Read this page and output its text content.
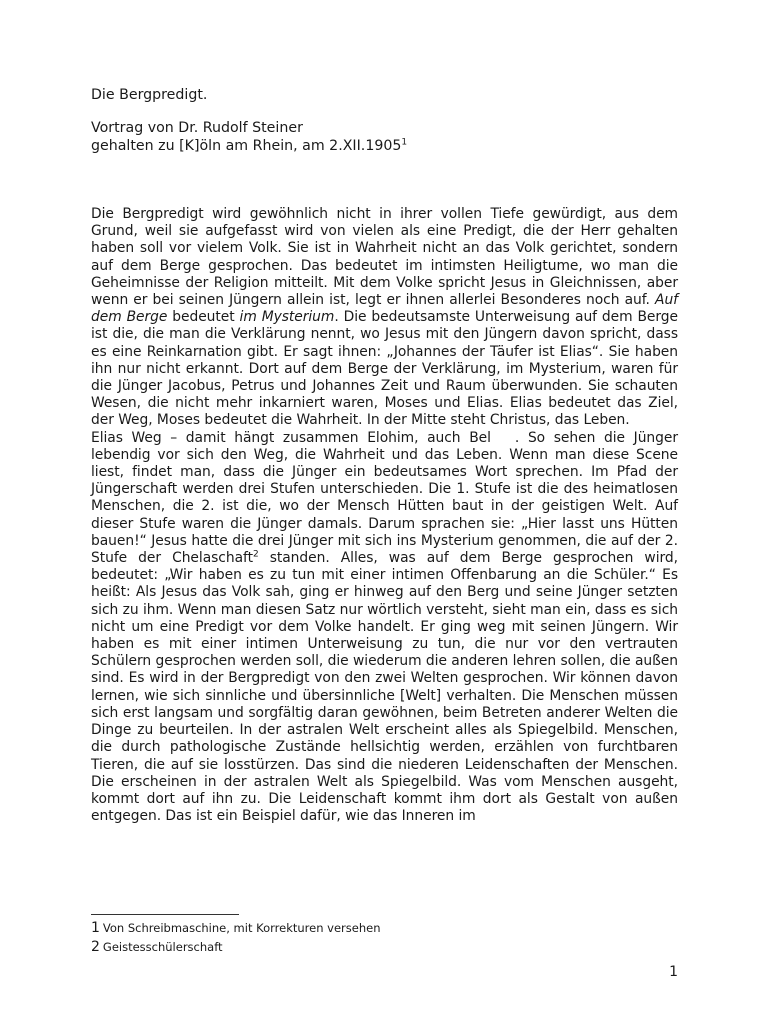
Die Bergpredigt.
Vortrag von Dr. Rudolf Steiner
gehalten zu [K]öln am Rhein, am 2.XII.1905$^1$

Die Bergpredigt wird gewöhnlich nicht in ihrer vollen Tiefe gewürdigt, aus dem Grund, weil sie aufgefasst wird von vielen als eine Predigt, die der Herr gehalten haben soll vor vielem Volk. Sie ist in Wahrheit nicht an das Volk gerichtet, sondern auf dem Berge gesprochen. Das bedeutet im intimsten Heiligtume, wo man die Geheimnisse der Religion mitteilt. Mit dem Volke spricht Jesus in Gleichnissen, aber wenn er bei seinen Jüngern allein ist, legt er ihnen allerlei Besonderes noch auf. Auf dem Berge bedeutet im Mysterium. Die bedeutsamste Unterweisung auf dem Berge ist die, die man die Verklärung nennt, wo Jesus mit den Jüngern davon spricht, dass es eine Reinkarnation gibt. Er sagt ihnen: „Johannes der Täufer ist Elias“. Sie haben ihn nur nicht erkannt. Dort auf dem Berge der Verklärung, im Mysterium, waren für die Jünger Jacobus, Petrus und Johannes Zeit und Raum überwunden. Sie schauten Wesen, die nicht mehr inkarniert waren, Moses und Elias. Elias bedeutet das Ziel, der Weg, Moses bedeutet die Wahrheit. In der Mitte steht Christus, das Leben.

Elias Weg – damit hängt zusammen Elohim, auch Bel . So sehen die Jünger lebendig vor sich den Weg, die Wahrheit und das Leben. Wenn man diese Scene liest, findet man, dass die Jünger ein bedeutsames Wort sprechen. Im Pfad der Jüngerschaft werden drei Stufen unterschieden. Die 1. Stufe ist die des heimatlosen Menschen, die 2. ist die, wo der Mensch Hütten baut in der geistigen Welt. Auf dieser Stufe waren die Jünger damals. Darum sprachen sie: „Hier lasst uns Hütten bauen!“ Jesus hatte die drei Jünger mit sich ins Mysterium genommen, die auf der 2. Stufe der Chelaschaft$^2$ standen. Alles, was auf dem Berge gesprochen wird, bedeutet: „Wir haben es zu tun mit einer intimen Offenbarung an die Schüler.“ Es heißt: Als Jesus das Volk sah, ging er hinweg auf den Berg und seine Jünger setzten sich zu ihm. Wenn man diesen Satz nur wörtlich versteht, sieht man ein, dass es sich nicht um eine Predigt vor dem Volke handelt. Er ging weg mit seinen Jüngern. Wir haben es mit einer intimen Unterweisung zu tun, die nur vor den vertrauten Schülern gesprochen werden soll, die wiederum die anderen lehren sollen, die außen sind. Es wird in der Bergpredigt von den zwei Welten gesprochen. Wir können davon lernen, wie sich sinnliche und übersinnliche [Welt] verhalten. Die Menschen müssen sich erst langsam und sorgfältig daran gewöhnen, beim Betreten anderer Welten die Dinge zu beurteilen. In der astralen Welt erscheint alles als Spiegelbild. Menschen, die durch pathologische Zustände hellsichtig werden, erzählen von furchtbaren Tieren, die auf sie losstürzen. Das sind die niederen Leidenschaften der Menschen. Die erscheinen in der astralen Welt als Spiegelbild. Was vom Menschen ausgeht, kommt dort auf ihn zu. Die Leidenschaft kommt ihm dort als Gestalt von außen entgegen. Das ist ein Beispiel dafür, wie das Inneren im

1 Von Schreibmaschine, mit Korrekturen versehen
2 Geistesschülerschaft
1
